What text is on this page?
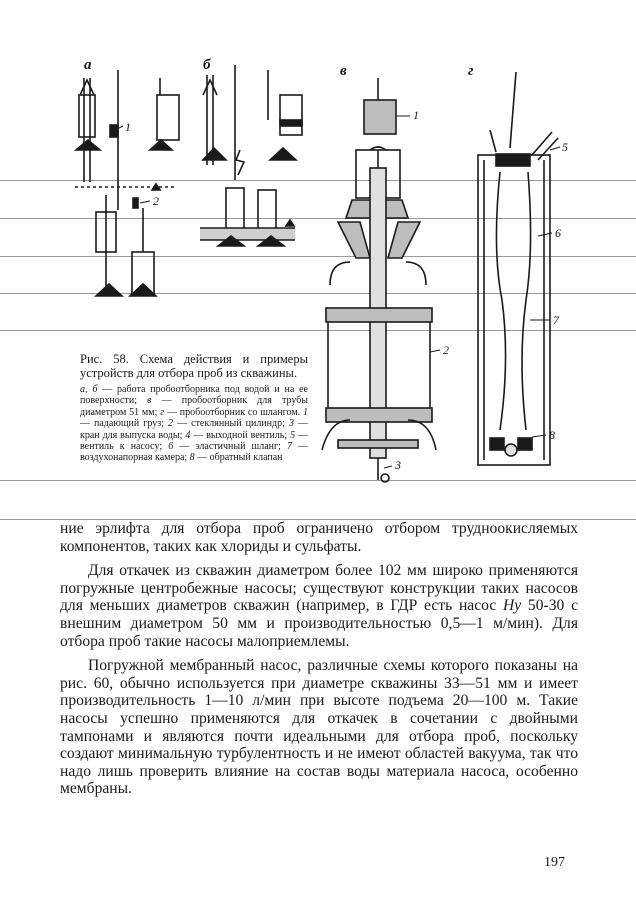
а	б	в	г
1
2
1
2
3
5
6
7
8

Рис. 58. Схема действия и примеры устройств для отбора проб из скважины.

а, б — работа пробоотборника под водой и на ее поверхности; в — пробоотборник для трубы диаметром 51 мм; г — пробоотборник со шлангом. 1 — падающий груз; 2 — стеклянный цилиндр; 3 — кран для выпуска воды; 4 — выходной вентиль; 5 — вентиль к насосу; 6 — эластичный шланг; 7 — воздухонапорная камера; 8 — обратный клапан

ние эрлифта для отбора проб ограничено отбором трудноокисляемых компонентов, таких как хлориды и сульфаты.

Для откачек из скважин диаметром более 102 мм широко применяются погружные центробежные насосы; существуют конструкции таких насосов для меньших диаметров скважин (например, в ГДР есть насос Hy 50-30 с внешним диаметром 50 мм и производительностью 0,5—1 м/мин). Для отбора проб такие насосы малоприемлемы.

Погружной мембранный насос, различные схемы которого показаны на рис. 60, обычно используется при диаметре скважины 33—51 мм и имеет производительность 1—10 л/мин при высоте подъема 20—100 м. Такие насосы успешно применяются для откачек в сочетании с двойными тампонами и являются почти идеальными для отбора проб, поскольку создают минимальную турбулентность и не имеют областей вакуума, так что надо лишь проверить влияние на состав воды материала насоса, особенно мембраны.

197
